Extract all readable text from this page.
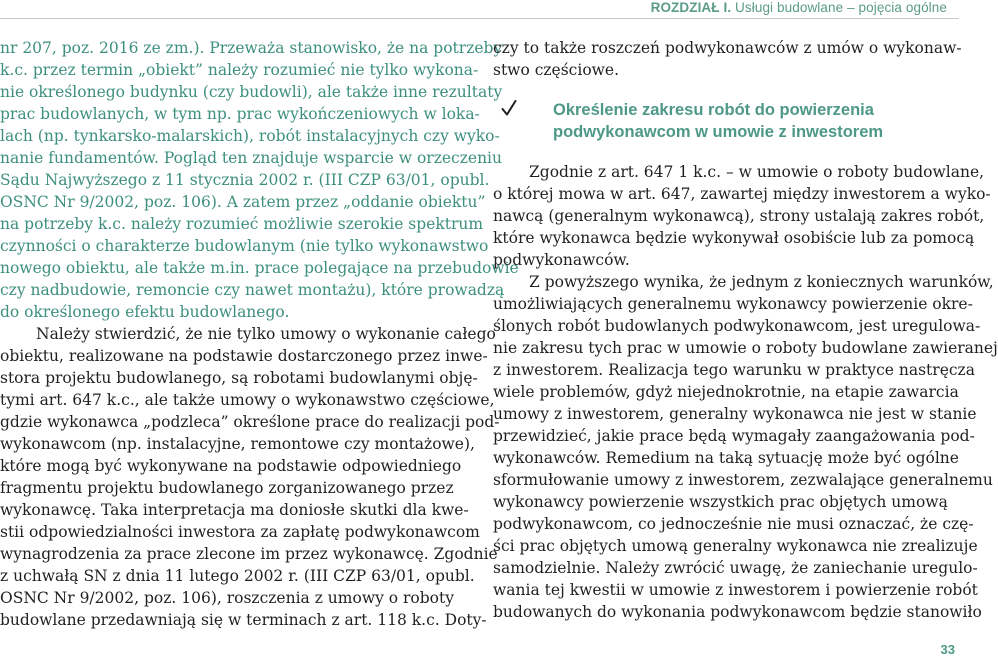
ROZDZIAŁ I. Usługi budowlane – pojęcia ogólne
nr 207, poz. 2016 ze zm.). Przeważa stanowisko, że na potrzeby
k.c. przez termin „obiekt” należy rozumieć nie tylko wykona-
nie określonego budynku (czy budowli), ale także inne rezultaty
prac budowlanych, w tym np. prac wykończeniowych w loka-
lach (np. tynkarsko-malarskich), robót instalacyjnych czy wyko-
nanie fundamentów. Pogląd ten znajduje wsparcie w orzeczeniu
Sądu Najwyższego z 11 stycznia 2002 r. (III CZP 63/01, opubl.
OSNC Nr 9/2002, poz. 106). A zatem przez „oddanie obiektu”
na potrzeby k.c. należy rozumieć możliwie szerokie spektrum
czynności o charakterze budowlanym (nie tylko wykonawstwo
nowego obiektu, ale także m.in. prace polegające na przebudowie
czy nadbudowie, remoncie czy nawet montażu), które prowadzą
do określonego efektu budowlanego.
Należy stwierdzić, że nie tylko umowy o wykonanie całego
obiektu, realizowane na podstawie dostarczonego przez inwe-
stora projektu budowlanego, są robotami budowlanymi obję-
tymi art. 647 k.c., ale także umowy o wykonawstwo częściowe,
gdzie wykonawca „podzleca” określone prace do realizacji pod-
wykonawcom (np. instalacyjne, remontowe czy montażowe),
które mogą być wykonywane na podstawie odpowiedniego
fragmentu projektu budowlanego zorganizowanego przez
wykonawcę. Taka interpretacja ma doniosłe skutki dla kwe-
stii odpowiedzialności inwestora za zapłatę podwykonawcom
wynagrodzenia za prace zlecone im przez wykonawcę. Zgodnie
z uchwałą SN z dnia 11 lutego 2002 r. (III CZP 63/01, opubl.
OSNC Nr 9/2002, poz. 106), roszczenia z umowy o roboty
budowlane przedawniają się w terminach z art. 118 k.c. Doty-
czy to także roszczeń podwykonawców z umów o wykonaw-
stwo częściowe.
Określenie zakresu robót do powierzenia
podwykonawcom w umowie z inwestorem
Zgodnie z art. 647 1 k.c. – w umowie o roboty budowlane,
o której mowa w art. 647, zawartej między inwestorem a wyko-
nawcą (generalnym wykonawcą), strony ustalają zakres robót,
które wykonawca będzie wykonywał osobiście lub za pomocą
podwykonawców.
Z powyższego wynika, że jednym z koniecznych warunków,
umożliwiających generalnemu wykonawcy powierzenie okre-
ślonych robót budowlanych podwykonawcom, jest uregulowa-
nie zakresu tych prac w umowie o roboty budowlane zawieranej
z inwestorem. Realizacja tego warunku w praktyce nastręcza
wiele problemów, gdyż niejednokrotnie, na etapie zawarcia
umowy z inwestorem, generalny wykonawca nie jest w stanie
przewidzieć, jakie prace będą wymagały zaangażowania pod-
wykonawców. Remedium na taką sytuację może być ogólne
sformułowanie umowy z inwestorem, zezwalające generalnemu
wykonawcy powierzenie wszystkich prac objętych umową
podwykonawcom, co jednocześnie nie musi oznaczać, że czę-
ści prac objętych umową generalny wykonawca nie zrealizuje
samodzielnie. Należy zwrócić uwagę, że zaniechanie uregulo-
wania tej kwestii w umowie z inwestorem i powierzenie robót
budowanych do wykonania podwykonawcom będzie stanowiło
33
